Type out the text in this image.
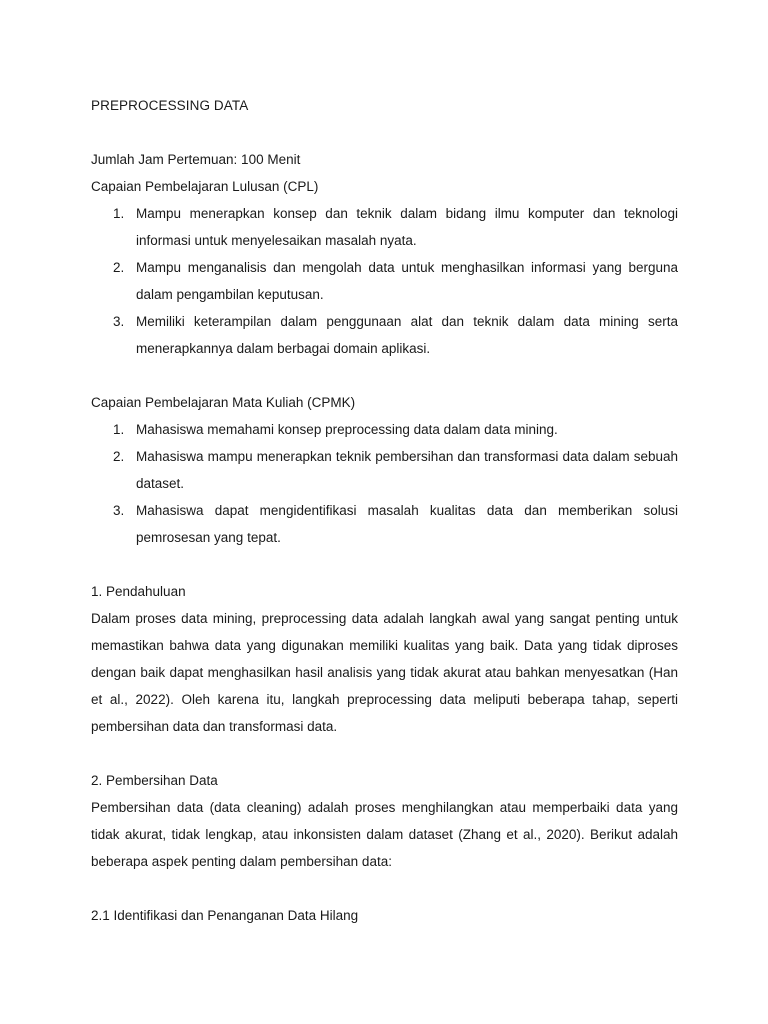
PREPROCESSING DATA

Jumlah Jam Pertemuan: 100 Menit

Capaian Pembelajaran Lulusan (CPL)

1. Mampu menerapkan konsep dan teknik dalam bidang ilmu komputer dan teknologi informasi untuk menyelesaikan masalah nyata.
2. Mampu menganalisis dan mengolah data untuk menghasilkan informasi yang berguna dalam pengambilan keputusan.
3. Memiliki keterampilan dalam penggunaan alat dan teknik dalam data mining serta menerapkannya dalam berbagai domain aplikasi.

Capaian Pembelajaran Mata Kuliah (CPMK)

1. Mahasiswa memahami konsep preprocessing data dalam data mining.
2. Mahasiswa mampu menerapkan teknik pembersihan dan transformasi data dalam sebuah dataset.
3. Mahasiswa dapat mengidentifikasi masalah kualitas data dan memberikan solusi pemrosesan yang tepat.

1. Pendahuluan

Dalam proses data mining, preprocessing data adalah langkah awal yang sangat penting untuk memastikan bahwa data yang digunakan memiliki kualitas yang baik. Data yang tidak diproses dengan baik dapat menghasilkan hasil analisis yang tidak akurat atau bahkan menyesatkan (Han et al., 2022). Oleh karena itu, langkah preprocessing data meliputi beberapa tahap, seperti pembersihan data dan transformasi data.

2. Pembersihan Data

Pembersihan data (data cleaning) adalah proses menghilangkan atau memperbaiki data yang tidak akurat, tidak lengkap, atau inkonsisten dalam dataset (Zhang et al., 2020). Berikut adalah beberapa aspek penting dalam pembersihan data:

2.1 Identifikasi dan Penanganan Data Hilang
